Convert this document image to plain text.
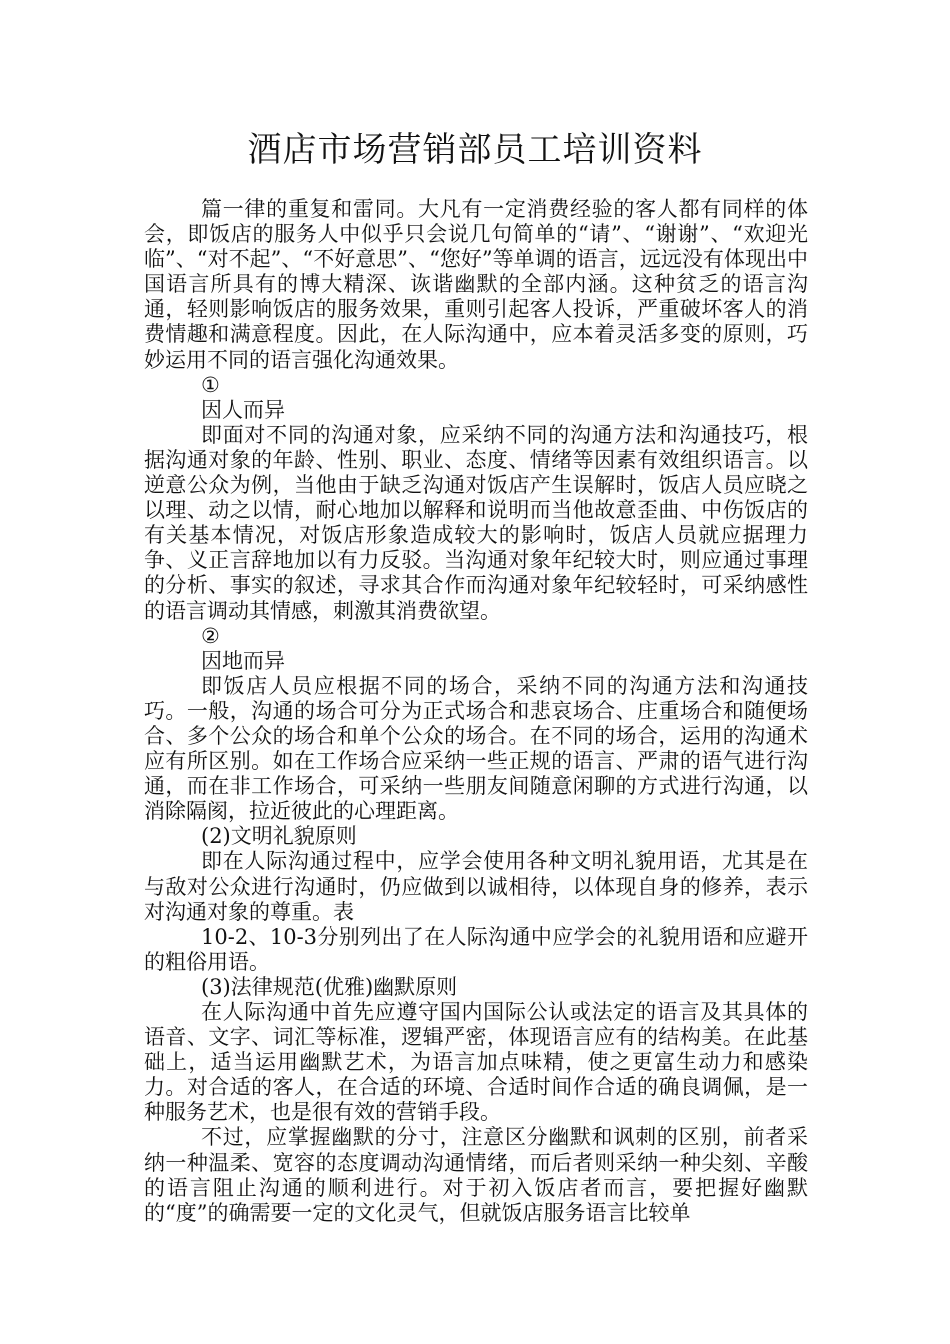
酒店市场营销部员工培训资料

篇一律的重复和雷同。大凡有一定消费经验的客人都有同样的体会，即饭店的服务人中似乎只会说几句简单的“请”、“谢谢”、“欢迎光临”、“对不起”、“不好意思”、“您好”等单调的语言，远远没有体现出中国语言所具有的博大精深、诙谐幽默的全部内涵。这种贫乏的语言沟通，轻则影响饭店的服务效果，重则引起客人投诉，严重破坏客人的消费情趣和满意程度。因此，在人际沟通中，应本着灵活多变的原则，巧妙运用不同的语言强化沟通效果。

①

因人而异

即面对不同的沟通对象，应采纳不同的沟通方法和沟通技巧，根据沟通对象的年龄、性别、职业、态度、情绪等因素有效组织语言。以逆意公众为例，当他由于缺乏沟通对饭店产生误解时，饭店人员应晓之以理、动之以情，耐心地加以解释和说明而当他故意歪曲、中伤饭店的有关基本情况，对饭店形象造成较大的影响时，饭店人员就应据理力争、义正言辞地加以有力反驳。当沟通对象年纪较大时，则应通过事理的分析、事实的叙述，寻求其合作而沟通对象年纪较轻时，可采纳感性的语言调动其情感，刺激其消费欲望。

②

因地而异

即饭店人员应根据不同的场合，采纳不同的沟通方法和沟通技巧。一般，沟通的场合可分为正式场合和悲哀场合、庄重场合和随便场合、多个公众的场合和单个公众的场合。在不同的场合，运用的沟通术应有所区别。如在工作场合应采纳一些正规的语言、严肃的语气进行沟通，而在非工作场合，可采纳一些朋友间随意闲聊的方式进行沟通，以消除隔阂，拉近彼此的心理距离。

(2)文明礼貌原则

即在人际沟通过程中，应学会使用各种文明礼貌用语，尤其是在与敌对公众进行沟通时，仍应做到以诚相待，以体现自身的修养，表示对沟通对象的尊重。表

10-2、10-3分别列出了在人际沟通中应学会的礼貌用语和应避开的粗俗用语。

(3)法律规范(优雅)幽默原则

在人际沟通中首先应遵守国内国际公认或法定的语言及其具体的语音、文字、词汇等标准，逻辑严密，体现语言应有的结构美。在此基础上，适当运用幽默艺术，为语言加点味精，使之更富生动力和感染力。对合适的客人，在合适的环境、合适时间作合适的确良调佩，是一种服务艺术，也是很有效的营销手段。

不过，应掌握幽默的分寸，注意区分幽默和讽刺的区别，前者采纳一种温柔、宽容的态度调动沟通情绪，而后者则采纳一种尖刻、辛酸的语言阻止沟通的顺利进行。对于初入饭店者而言，要把握好幽默的“度”的确需要一定的文化灵气，但就饭店服务语言比较单
